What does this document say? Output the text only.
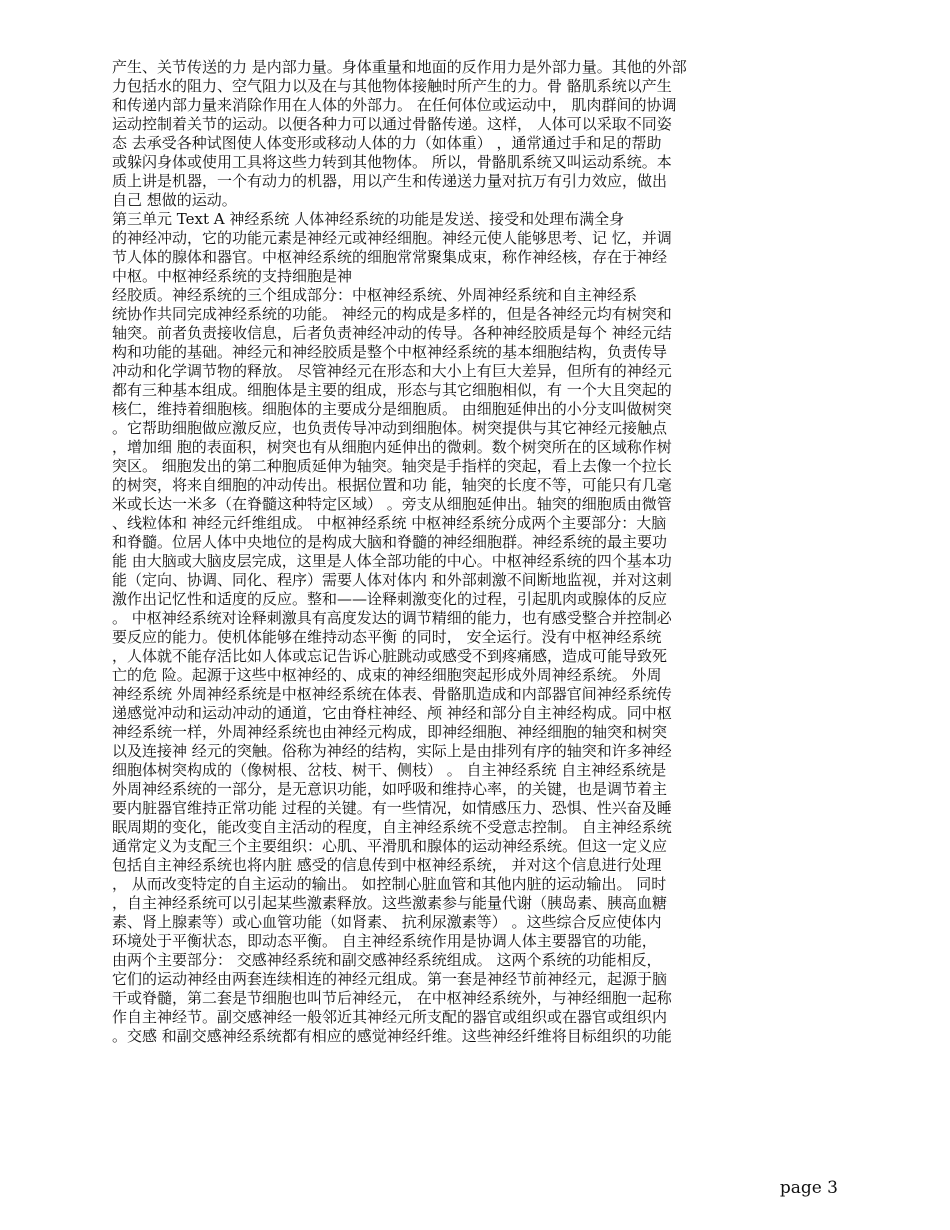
产生、关节传送的力 是内部力量。身体重量和地面的反作用力是外部力量。其他的外部
力包括水的阻力、空气阻力以及在与其他物体接触时所产生的力。骨 骼肌系统以产生
和传递内部力量来消除作用在人体的外部力。 在任何体位或运动中， 肌肉群间的协调
运动控制着关节的运动。以便各种力可以通过骨骼传递。这样， 人体可以采取不同姿
态 去承受各种试图使人体变形或移动人体的力（如体重） ，通常通过手和足的帮助
或躲闪身体或使用工具将这些力转到其他物体。 所以，骨骼肌系统又叫运动系统。本
质上讲是机器，一个有动力的机器，用以产生和传递送力量对抗万有引力效应，做出
自己 想做的运动。
第三单元 Text A 神经系统 人体神经系统的功能是发送、接受和处理布满全身
的神经冲动，它的功能元素是神经元或神经细胞。神经元使人能够思考、记 忆，并调
节人体的腺体和器官。中枢神经系统的细胞常常聚集成束，称作神经核，存在于神经
中枢。中枢神经系统的支持细胞是神
经胶质。神经系统的三个组成部分：中枢神经系统、外周神经系统和自主神经系
统协作共同完成神经系统的功能。 神经元的构成是多样的，但是各神经元均有树突和
轴突。前者负责接收信息，后者负责神经冲动的传导。各种神经胶质是每个 神经元结
构和功能的基础。神经元和神经胶质是整个中枢神经系统的基本细胞结构，负责传导
冲动和化学调节物的释放。 尽管神经元在形态和大小上有巨大差异，但所有的神经元
都有三种基本组成。细胞体是主要的组成，形态与其它细胞相似，有 一个大且突起的
核仁，维持着细胞核。细胞体的主要成分是细胞质。 由细胞延伸出的小分支叫做树突
。它帮助细胞做应激反应，也负责传导冲动到细胞体。树突提供与其它神经元接触点
，增加细 胞的表面积，树突也有从细胞内延伸出的微刺。数个树突所在的区域称作树
突区。 细胞发出的第二种胞质延伸为轴突。轴突是手指样的突起，看上去像一个拉长
的树突，将来自细胞的冲动传出。根据位置和功 能，轴突的长度不等，可能只有几毫
米或长达一米多（在脊髓这种特定区域） 。旁支从细胞延伸出。轴突的细胞质由微管
、线粒体和 神经元纤维组成。 中枢神经系统 中枢神经系统分成两个主要部分：大脑
和脊髓。位居人体中央地位的是构成大脑和脊髓的神经细胞群。神经系统的最主要功
能 由大脑或大脑皮层完成，这里是人体全部功能的中心。中枢神经系统的四个基本功
能（定向、协调、同化、程序）需要人体对体内 和外部刺激不间断地监视，并对这刺
激作出记忆性和适度的反应。整和——诠释刺激变化的过程，引起肌肉或腺体的反应
。 中枢神经系统对诠释刺激具有高度发达的调节精细的能力，也有感受整合并控制必
要反应的能力。使机体能够在维持动态平衡 的同时， 安全运行。没有中枢神经系统
，人体就不能存活比如人体或忘记告诉心脏跳动或感受不到疼痛感，造成可能导致死
亡的危 险。起源于这些中枢神经的、成束的神经细胞突起形成外周神经系统。 外周
神经系统 外周神经系统是中枢神经系统在体表、骨骼肌造成和内部器官间神经系统传
递感觉冲动和运动冲动的通道，它由脊柱神经、颅 神经和部分自主神经构成。同中枢
神经系统一样，外周神经系统也由神经元构成，即神经细胞、神经细胞的轴突和树突
以及连接神 经元的突触。俗称为神经的结构，实际上是由排列有序的轴突和许多神经
细胞体树突构成的（像树根、岔枝、树干、侧枝） 。 自主神经系统 自主神经系统是
外周神经系统的一部分，是无意识功能，如呼吸和维持心率，的关键，也是调节着主
要内脏器官维持正常功能 过程的关键。有一些情况，如情感压力、恐惧、性兴奋及睡
眠周期的变化，能改变自主活动的程度，自主神经系统不受意志控制。 自主神经系统
通常定义为支配三个主要组织：心肌、平滑肌和腺体的运动神经系统。但这一定义应
包括自主神经系统也将内脏 感受的信息传到中枢神经系统， 并对这个信息进行处理
， 从而改变特定的自主运动的输出。 如控制心脏血管和其他内脏的运动输出。 同时
，自主神经系统可以引起某些激素释放。这些激素参与能量代谢（胰岛素、胰高血糖
素、肾上腺素等）或心血管功能（如肾素、 抗利尿激素等） 。这些综合反应使体内
环境处于平衡状态，即动态平衡。 自主神经系统作用是协调人体主要器官的功能，
由两个主要部分： 交感神经系统和副交感神经系统组成。 这两个系统的功能相反，
它们的运动神经由两套连续相连的神经元组成。第一套是神经节前神经元，起源于脑
干或脊髓，第二套是节细胞也叫节后神经元， 在中枢神经系统外，与神经细胞一起称
作自主神经节。副交感神经一般邻近其神经元所支配的器官或组织或在器官或组织内
。交感 和副交感神经系统都有相应的感觉神经纤维。这些神经纤维将目标组织的功能
page 3
